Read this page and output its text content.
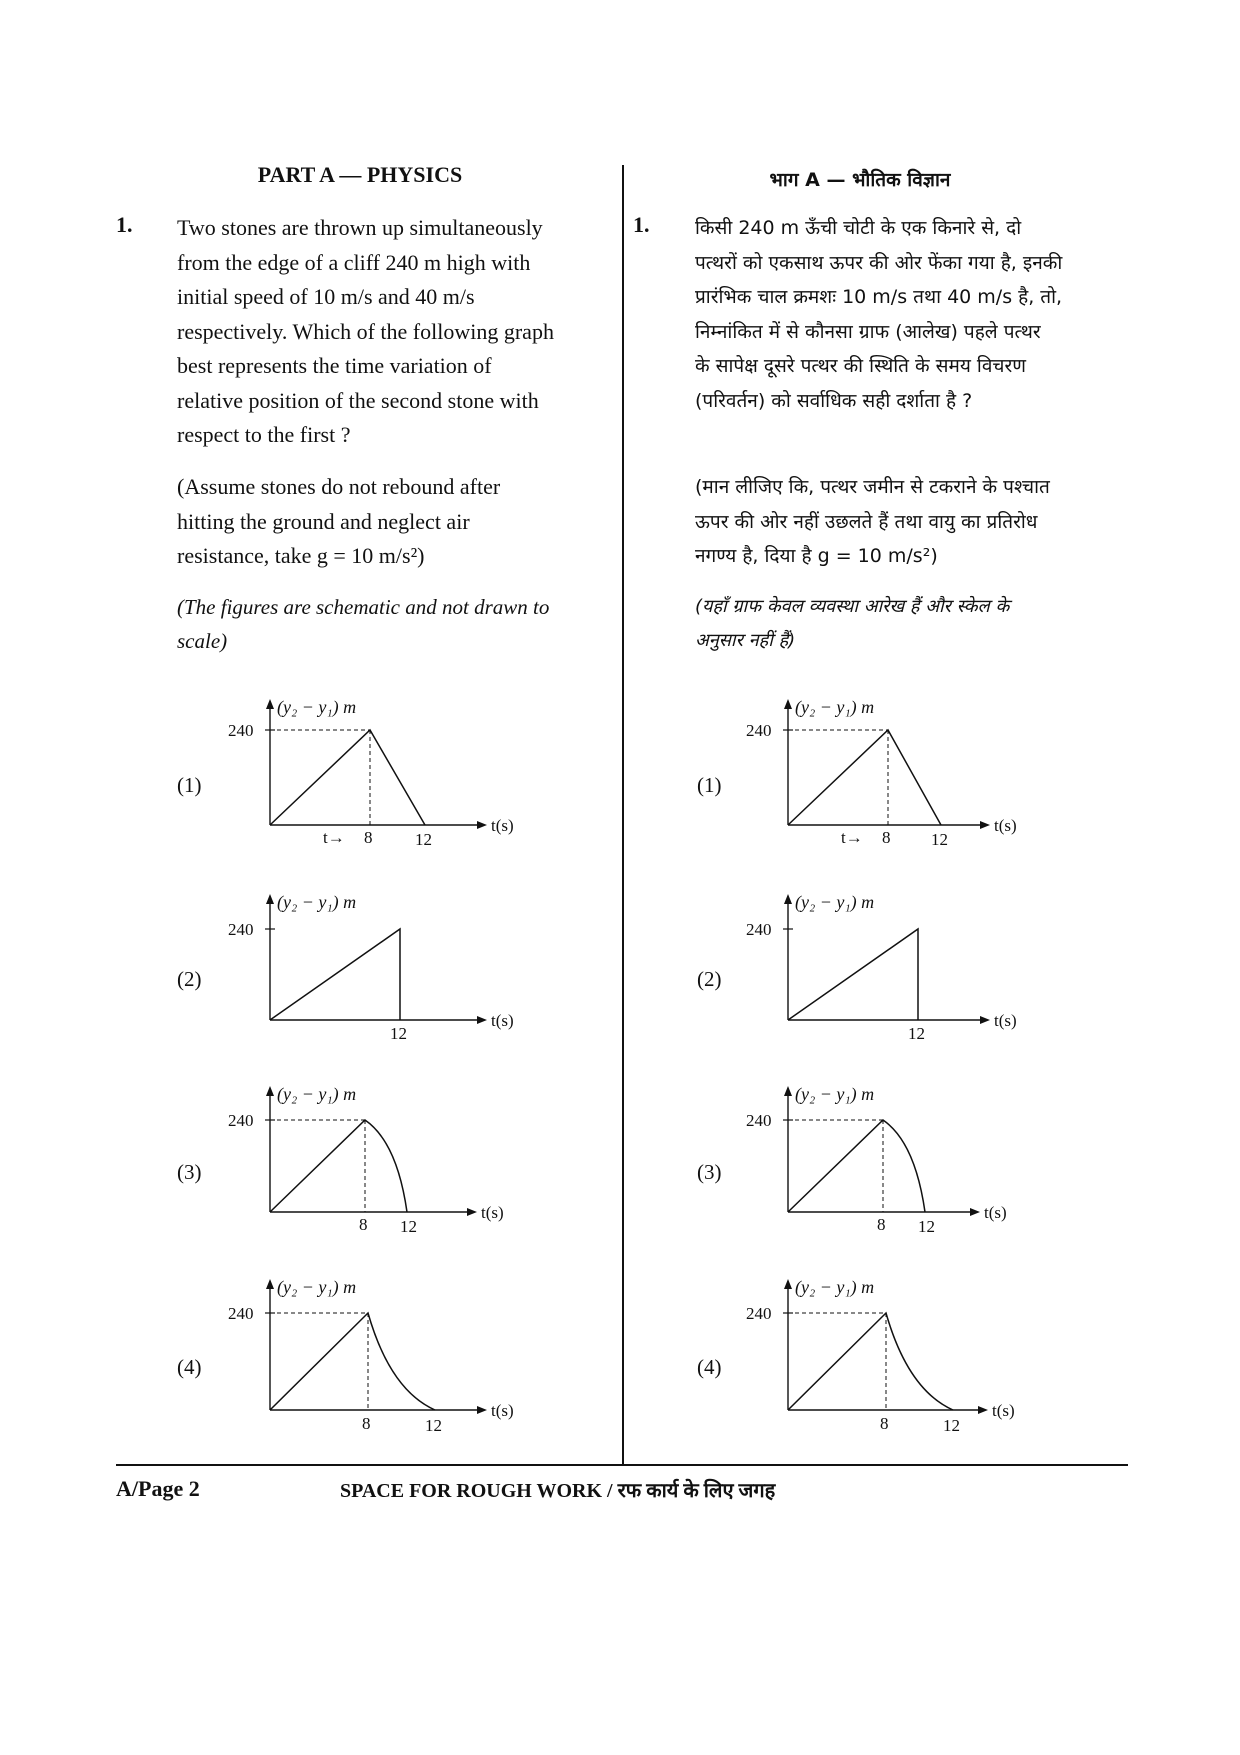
PART A — PHYSICS
1. Two stones are thrown up simultaneously
from the edge of a cliff 240 m high with
initial speed of 10 m/s and 40 m/s
respectively. Which of the following graph
best represents the time variation of
relative position of the second stone with
respect to the first ?
(Assume stones do not rebound after
hitting the ground and neglect air
resistance, take g = 10 m/s²)
(The figures are schematic and not drawn to
scale)
(1)
(2)
(3)
(4)
भाग A — भौतिक विज्ञान
1. किसी 240 m ऊँची चोटी के एक किनारे से, दो
पत्थरों को एकसाथ ऊपर की ओर फेंका गया है, इनकी
प्रारंभिक चाल क्रमशः 10 m/s तथा 40 m/s है, तो,
निम्नांकित में से कौनसा ग्राफ (आलेख) पहले पत्थर
के सापेक्ष दूसरे पत्थर की स्थिति के समय विचरण
(परिवर्तन) को सर्वाधिक सही दर्शाता है ?
(मान लीजिए कि, पत्थर जमीन से टकराने के पश्चात
ऊपर की ओर नहीं उछलते हैं तथा वायु का प्रतिरोध
नगण्य है, दिया है g = 10 m/s²)
(यहाँ ग्राफ केवल व्यवस्था आरेख हैं और स्केल के
अनुसार नहीं हैं)
(1)
(2)
(3)
(4)
(y₂ − y₁) m
240
t→ 8	12
t(s)
(y₂ − y₁) m
240
12
t(s)
(y₂ − y₁) m
240
8 12
t(s)
(y₂ − y₁) m
240
8	12
t(s)
(y₂ − y₁) m
240
t→ 8 12
t(s)
(y₂ − y₁) m
240
12
t(s)
(y₂ − y₁) m
240
8 12
t(s)
(y₂ − y₁) m
240
8	12
t(s)
A/Page 2	SPACE FOR ROUGH WORK / रफ कार्य के लिए जगह
